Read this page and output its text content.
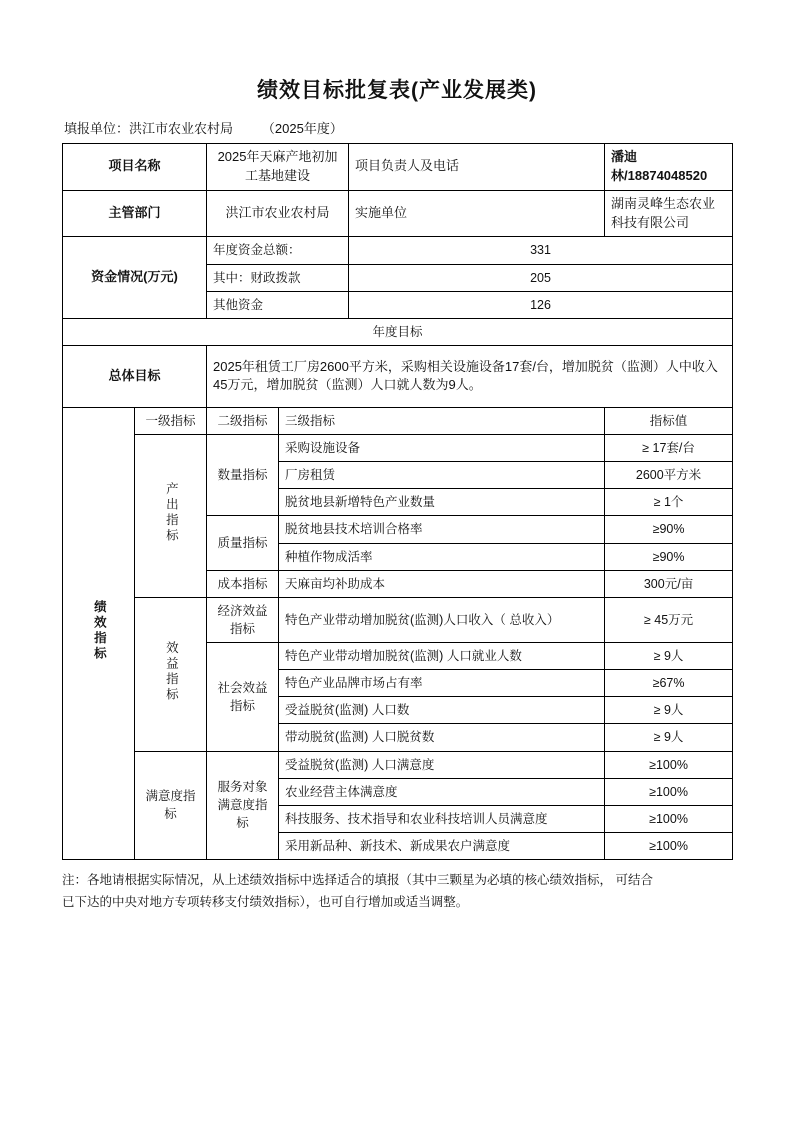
绩效目标批复表(产业发展类)
填报单位：洪江市农业农村局        （2025年度）
项目名称		2025年天麻产地初加工基地建设		项目负责人及电话	潘迪林/18874048520
主管部门		洪江市农业农村局		实施单位	湖南灵峰生态农业科技有限公司
资金情况(万元)		年度资金总额：		331	
		其中：财政拨款		205	
		其他资金		126	
年度目标					
总体目标		2025年租赁工厂房2600平方米，采购相关设施设备17套/台，增加脱贫（监测）人中收入45万元，增加脱贫（监测）人口就人数为9人。			
绩效指标	一级指标	二级指标	三级指标		指标值
	产出指标	数量指标	采购设施设备		≥ 17套/台
			厂房租赁		2600平方米
			脱贫地县新增特色产业数量		≥ 1个
		质量指标	脱贫地县技术培训合格率		≥90%
			种植作物成活率		≥90%
		成本指标	天麻亩均补助成本		300元/亩
	效益指标	经济效益指标	特色产业带动增加脱贫(监测)人口收入（ 总收入）		≥ 45万元
		社会效益指标	特色产业带动增加脱贫(监测) 人口就业人数		≥ 9人
			特色产业品牌市场占有率		≥67%
			受益脱贫(监测) 人口数		≥ 9人
			带动脱贫(监测) 人口脱贫数		≥ 9人
	满意度指标	服务对象满意度指标	受益脱贫(监测) 人口满意度		≥100%
			农业经营主体满意度		≥100%
			科技服务、技术指导和农业科技培训人员满意度		≥100%
			采用新品种、新技术、新成果农户满意度		≥100%
注：各地请根据实际情况，从上述绩效指标中选择适合的填报（其中三颗星为必填的核心绩效指标， 可结合
已下达的中央对地方专项转移支付绩效指标），也可自行增加或适当调整。
